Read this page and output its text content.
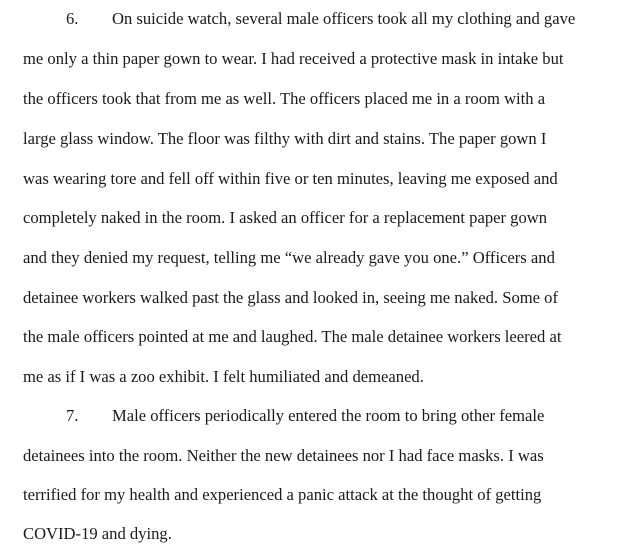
6. On suicide watch, several male officers took all my clothing and gave
me only a thin paper gown to wear. I had received a protective mask in intake but
the officers took that from me as well. The officers placed me in a room with a
large glass window. The floor was filthy with dirt and stains. The paper gown I
was wearing tore and fell off within five or ten minutes, leaving me exposed and
completely naked in the room. I asked an officer for a replacement paper gown
and they denied my request, telling me “we already gave you one.” Officers and
detainee workers walked past the glass and looked in, seeing me naked. Some of
the male officers pointed at me and laughed. The male detainee workers leered at
me as if I was a zoo exhibit. I felt humiliated and demeaned.
7. Male officers periodically entered the room to bring other female
detainees into the room. Neither the new detainees nor I had face masks. I was
terrified for my health and experienced a panic attack at the thought of getting
COVID-19 and dying.
